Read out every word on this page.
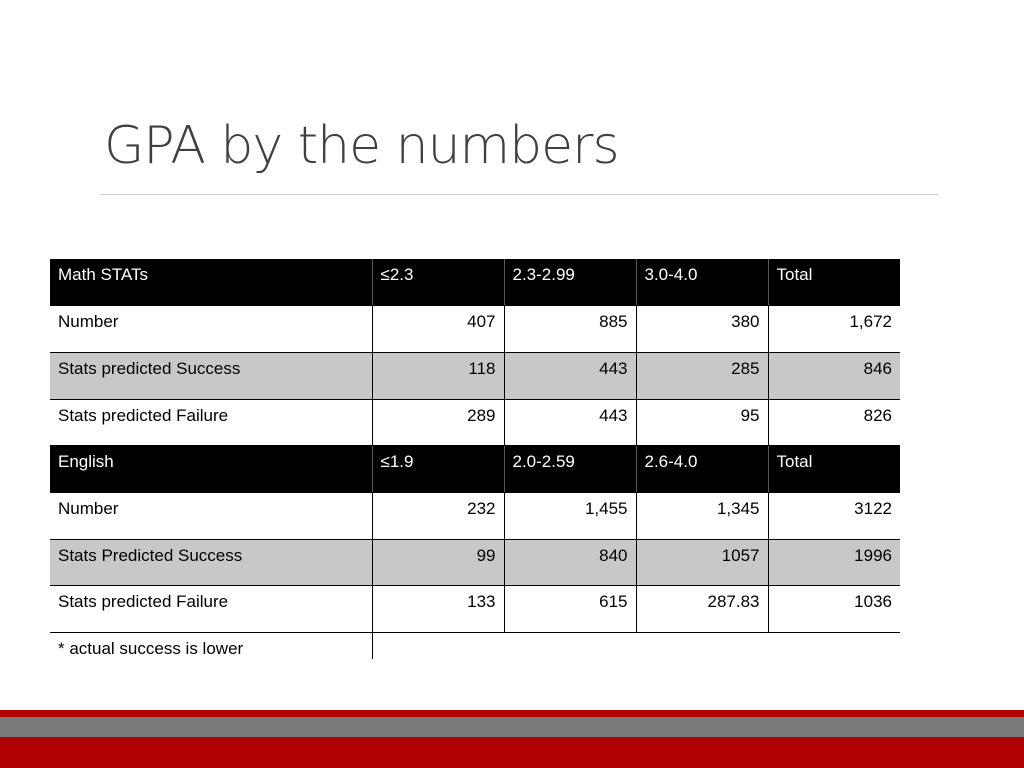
GPA by the numbers
Math STATs	≤2.3	2.3-2.99	3.0-4.0	Total
Number	407	885	380	1,672
Stats predicted Success	118	443	285	846
Stats predicted Failure	289	443	95	826
English	≤1.9	2.0-2.59	2.6-4.0	Total
Number	232	1,455	1,345	3122
Stats Predicted Success	99	840	1057	1996
Stats predicted Failure	133	615	287.83	1036
* actual success is lower				
